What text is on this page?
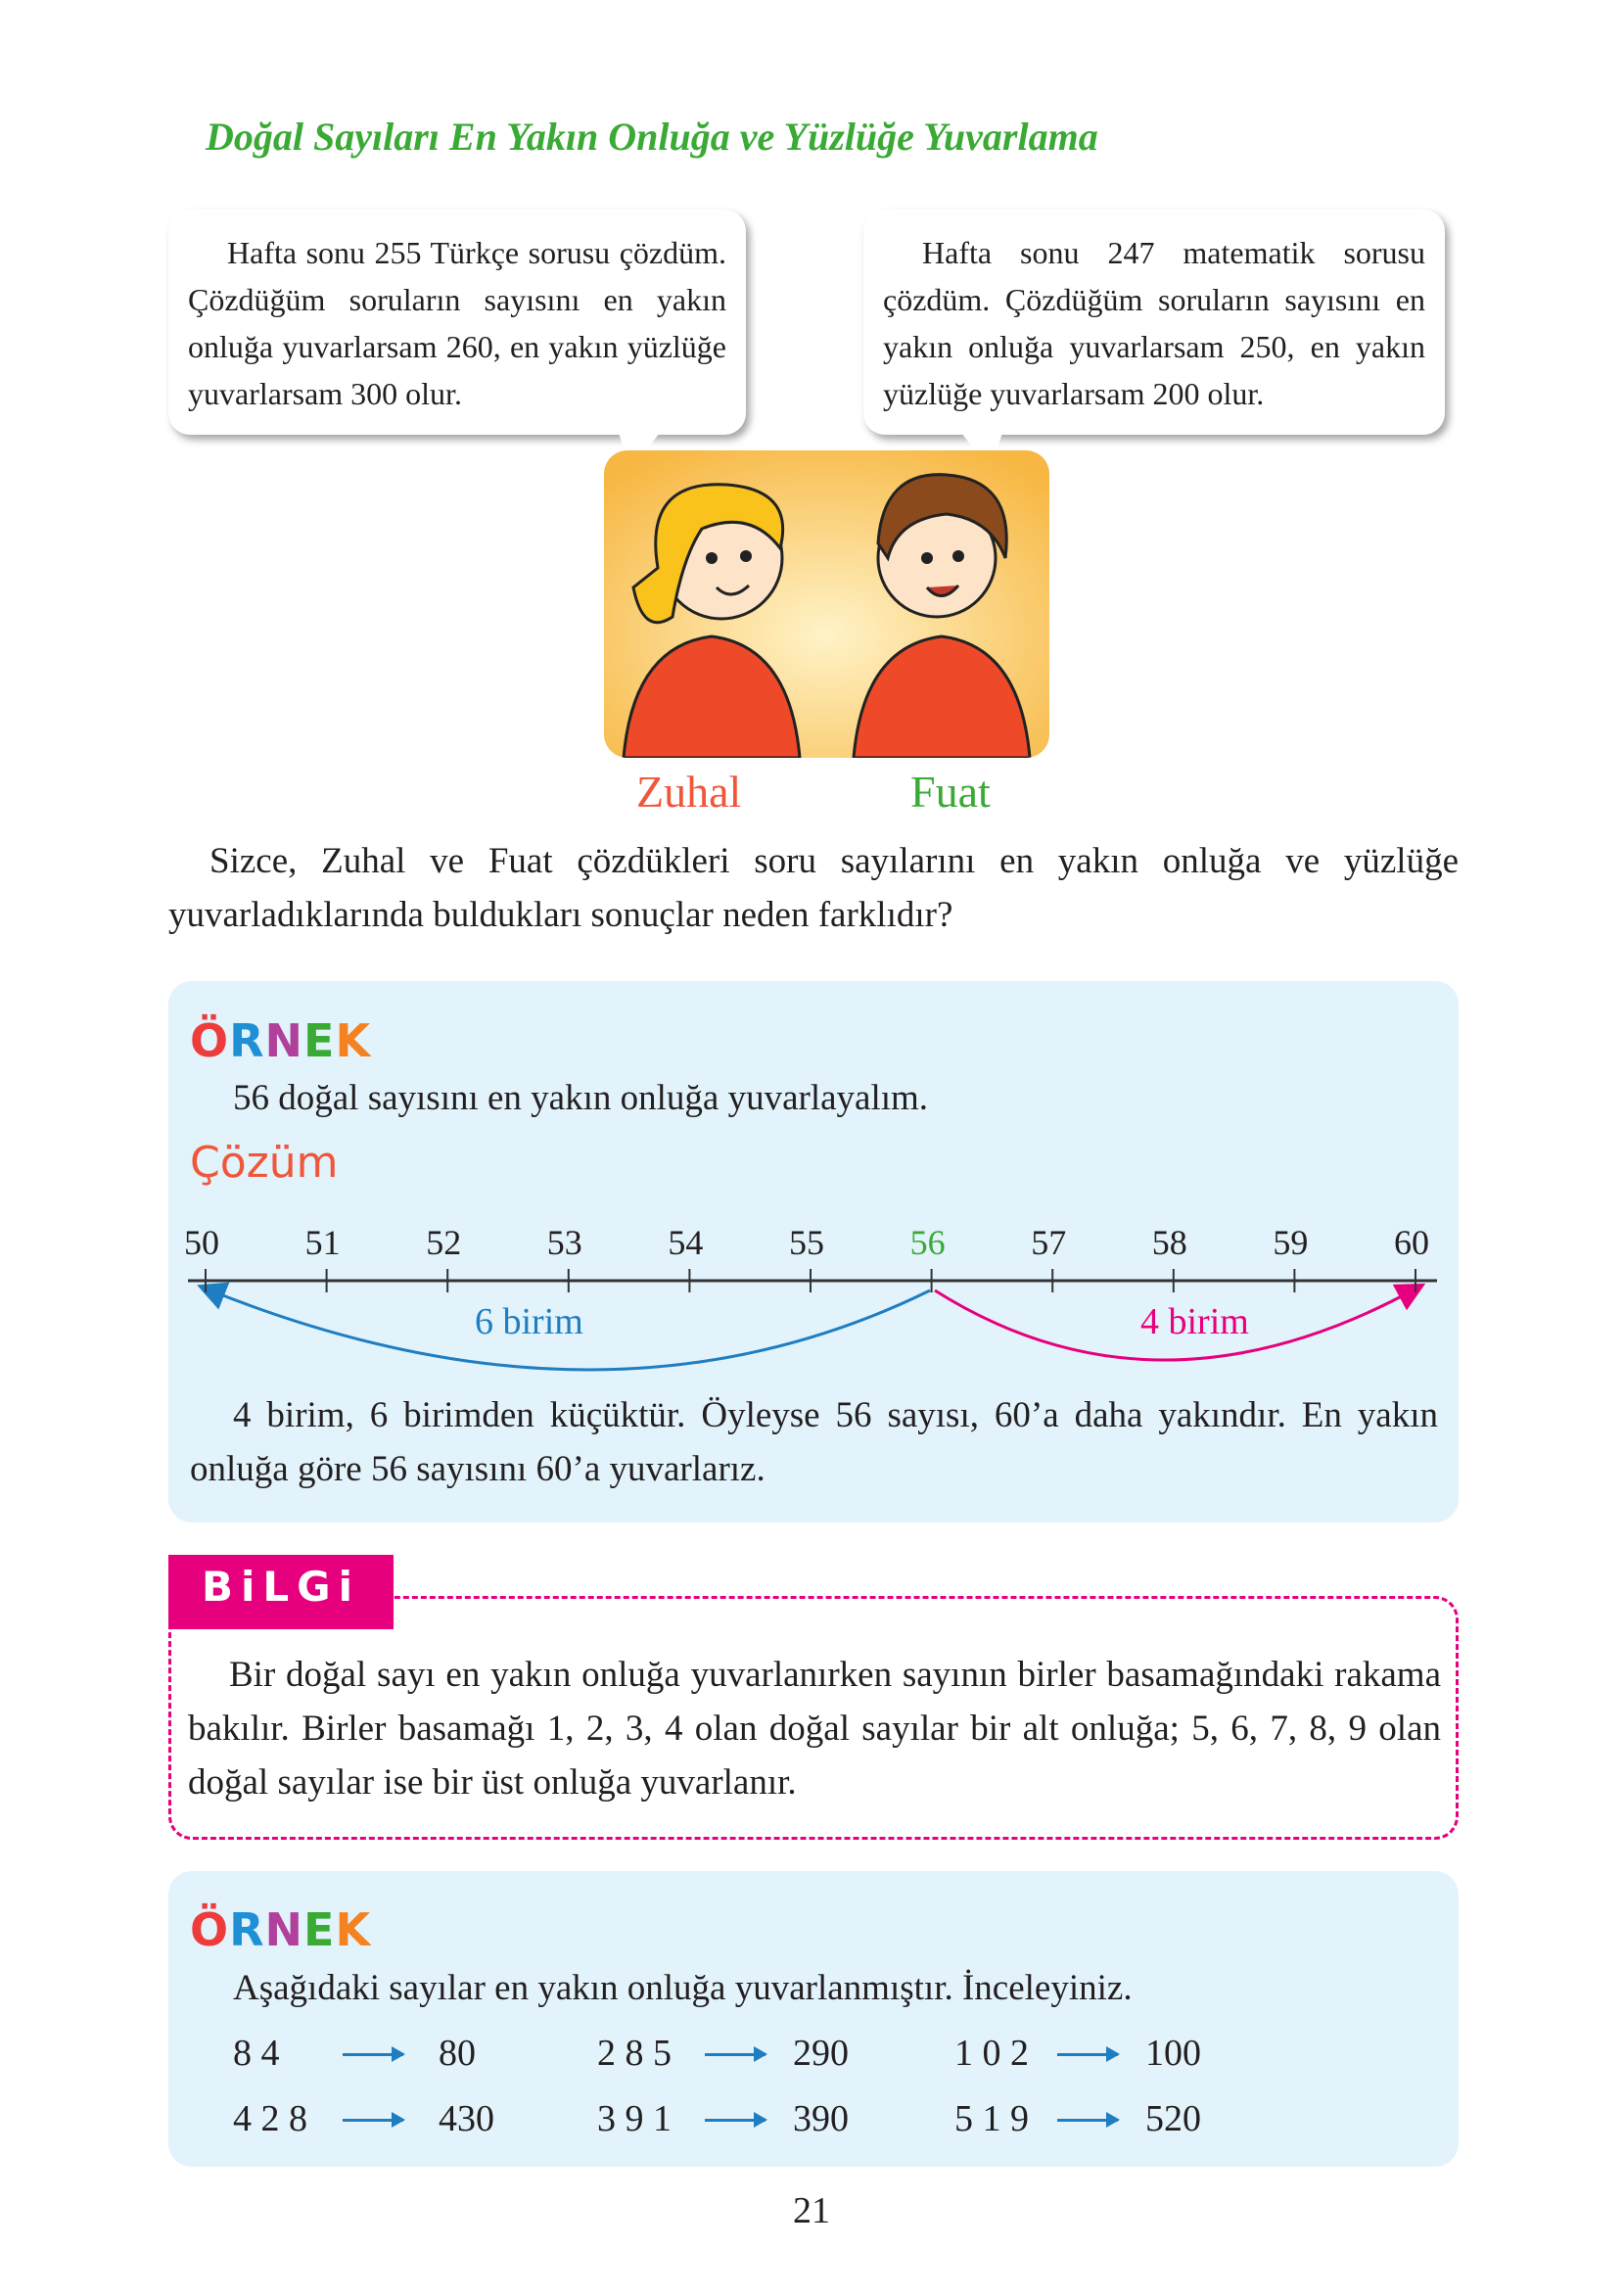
Doğal Sayıları En Yakın Onluğa ve Yüzlüğe Yuvarlama
Hafta sonu 255 Türkçe sorusu çözdüm. Çözdüğüm soruların sayısını en yakın onluğa yuvarlarsam 260, en yakın yüzlüğe yuvarlarsam 300 olur.
Hafta sonu 247 matematik sorusu çözdüm. Çözdüğüm soruların sayısını en yakın onluğa yuvarlarsam 250, en yakın yüzlüğe yuvarlarsam 200 olur.
Zuhal	Fuat
Sizce, Zuhal ve Fuat çözdükleri soru sayılarını en yakın onluğa ve yüzlüğe yuvarladıklarında buldukları sonuçlar neden farklıdır?
ÖRNEK
56 doğal sayısını en yakın onluğa yuvarlayalım.
Çözüm
50 51 52 53 54 55 56 57 58 59 60
6 birim	4 birim
4 birim, 6 birimden küçüktür. Öyleyse 56 sayısı, 60’a daha yakındır. En yakın onluğa göre 56 sayısını 60’a yuvarlarız.
BiLGi
Bir doğal sayı en yakın onluğa yuvarlanırken sayının birler basamağındaki rakama bakılır. Birler basamağı 1, 2, 3, 4 olan doğal sayılar bir alt onluğa; 5, 6, 7, 8, 9 olan doğal sayılar ise bir üst onluğa yuvarlanır.
ÖRNEK
Aşağıdaki sayılar en yakın onluğa yuvarlanmıştır. İnceleyiniz.
8 4	80	2 8 5	290	1 0 2	100
4 2 8	430	3 9 1	390	5 1 9	520
21
